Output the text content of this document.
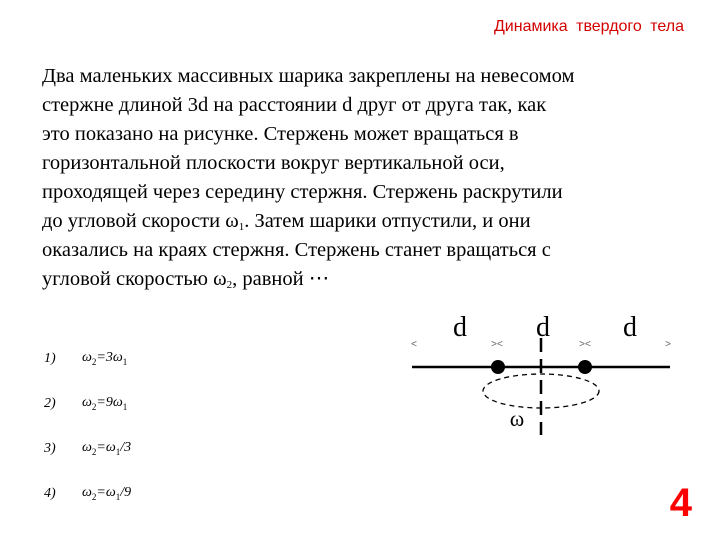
Динамика твердого тела
Два маленьких массивных шарика закреплены на невесомом
стержне длиной 3d на расстоянии d друг от друга так, как
это показано на рисунке. Стержень может вращаться в
горизонтальной плоскости вокруг вертикальной оси,
проходящей через середину стержня. Стержень раскрутили
до угловой скорости $\omega_1$. Затем шарики отпустили, и они
оказались на краях стержня. Стержень станет вращаться с
угловой скоростью $\omega_2$, равной ⋯
1)	$\omega_2=3\omega_1$
2)	$\omega_2=9\omega_1$
3)	$\omega_2=\omega_1/3$
4)	$\omega_2=\omega_1/9$
d d	d
<	><	><	>
ω
4
